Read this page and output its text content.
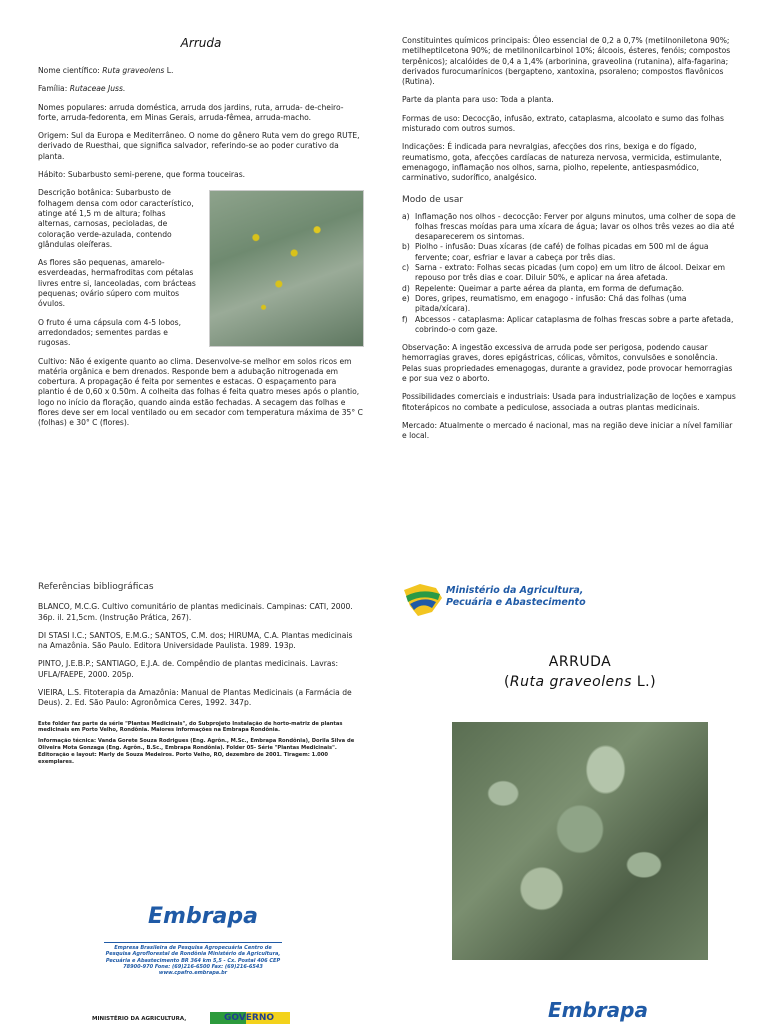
Arruda

Nome científico: Ruta graveolens L.

Família: Rutaceae Juss.

Nomes populares: arruda doméstica, arruda dos jardins, ruta, arruda- de-cheiro-forte, arruda-fedorenta, em Minas Gerais, arruda-fêmea, arruda-macho.

Origem: Sul da Europa e Mediterrâneo. O nome do gênero Ruta vem do grego RUTE, derivado de Ruesthai, que significa salvador, referindo-se ao poder curativo da planta.

Hábito: Subarbusto semi-perene, que forma touceiras.

Descrição botânica: Subarbusto de folhagem densa com odor característico, atinge até 1,5 m de altura; folhas alternas, carnosas, pecioladas, de coloração verde-azulada, contendo glândulas oleíferas.

As flores são pequenas, amarelo-esverdeadas, hermafroditas com pétalas livres entre si, lanceoladas, com brácteas pequenas; ovário súpero com muitos óvulos.

O fruto é uma cápsula com 4-5 lobos, arredondados; sementes pardas e rugosas.

Cultivo: Não é exigente quanto ao clima. Desenvolve-se melhor em solos ricos em matéria orgânica e bem drenados. Responde bem a adubação nitrogenada em cobertura. A propagação é feita por sementes e estacas. O espaçamento para plantio é de 0,60 x 0.50m. A colheita das folhas é feita quatro meses após o plantio, logo no início da floração, quando ainda estão fechadas. A secagem das folhas e flores deve ser em local ventilado ou em secador com temperatura máxima de 35° C (folhas) e 30° C (flores).

Constituintes químicos principais: Óleo essencial de 0,2 a 0,7% (metilnoniletona 90%; metilheptilcetona 90%; de metilnonilcarbinol 10%; álcoois, ésteres, fenóis; compostos terpênicos); alcalóides de 0,4 a 1,4% (arborinina, graveolina (rutanina), alfa-fagarina; derivados furocumarínicos (bergapteno, xantoxina, psoraleno; compostos flavônicos (Rutina).

Parte da planta para uso: Toda a planta.

Formas de uso: Decocção, infusão, extrato, cataplasma, alcoolato e sumo das folhas misturado com outros sumos.

Indicações: É indicada para nevralgias, afecções dos rins, bexiga e do fígado, reumatismo, gota, afecções cardíacas de natureza nervosa, vermicida, estimulante, emenagogo, inflamação nos olhos, sarna, piolho, repelente, antiespasmódico, carminativo, sudorífico, analgésico.

Modo de usar

a) Inflamação nos olhos - decocção: Ferver por alguns minutos, uma colher de sopa de folhas frescas moídas para uma xícara de água; lavar os olhos três vezes ao dia até desaparecerem os sintomas.
b) Piolho - infusão: Duas xícaras (de café) de folhas picadas em 500 ml de água fervente; coar, esfriar e lavar a cabeça por três dias.
c) Sarna - extrato: Folhas secas picadas (um copo) em um litro de álcool. Deixar em repouso por três dias e coar. Diluir 50%, e aplicar na área afetada.
d) Repelente: Queimar a parte aérea da planta, em forma de defumação.
e) Dores, gripes, reumatismo, em enagogo - infusão: Chá das folhas (uma pitada/xícara).
f) Abcessos - cataplasma: Aplicar cataplasma de folhas frescas sobre a parte afetada, cobrindo-o com gaze.

Observação: A ingestão excessiva de arruda pode ser perigosa, podendo causar hemorragias graves, dores epigástricas, cólicas, vômitos, convulsões e sonolência. Pelas suas propriedades emenagogas, durante a gravidez, pode provocar hemorragias e por sua vez o aborto.

Possibilidades comerciais e industriais: Usada para industrialização de loções e xampus fitoterápicos no combate a pediculose, associada a outras plantas medicinais.

Mercado: Atualmente o mercado é nacional, mas na região deve iniciar a nível familiar e local.

Referências bibliográficas

BLANCO, M.C.G. Cultivo comunitário de plantas medicinais. Campinas: CATI, 2000. 36p. il. 21,5cm. (Instrução Prática, 267).

DI STASI I.C.; SANTOS, E.M.G.; SANTOS, C.M. dos; HIRUMA, C.A. Plantas medicinais na Amazônia. São Paulo. Editora Universidade Paulista. 1989. 193p.

PINTO, J.E.B.P.; SANTIAGO, E.J.A. de. Compêndio de plantas medicinais. Lavras: UFLA/FAEPE, 2000. 205p.

VIEIRA, L.S. Fitoterapia da Amazônia: Manual de Plantas Medicinais (a Farmácia de Deus). 2. Ed. São Paulo: Agronômica Ceres, 1992. 347p.

Este folder faz parte da série "Plantas Medicinais", do Subprojeto Instalação de horto-matriz de plantas medicinais em Porto Velho, Rondônia. Maiores informações na Embrapa Rondônia.

Informação técnica: Vanda Gorete Souza Rodrigues (Eng. Agrôn., M.Sc., Embrapa Rondônia), Dorila Silva de Oliveira Mota Gonzaga (Eng. Agrôn., B.Sc., Embrapa Rondônia). Folder 05- Série "Plantas Medicinais". Editoração e layout: Marly de Souza Medeiros. Porto Velho, RO, dezembro de 2001. Tiragem: 1.000 exemplares.

Embrapa
Empresa Brasileira de Pesquisa Agropecuária Centro de Pesquisa Agroflorestal de Rondônia Ministério da Agricultura, Pecuária e Abastecimento BR 364 km 5,5 - Cx. Postal 406 CEP 78900-970 Fone: (69)216-6500 Fax: (69)216-6543 www.cpafro.embrapa.br
MINISTÉRIO DA AGRICULTURA,	GOVERNO
Ministério da Agricultura,
Pecuária e Abastecimento
ARRUDA
(Ruta graveolens L.)
Embrapa
